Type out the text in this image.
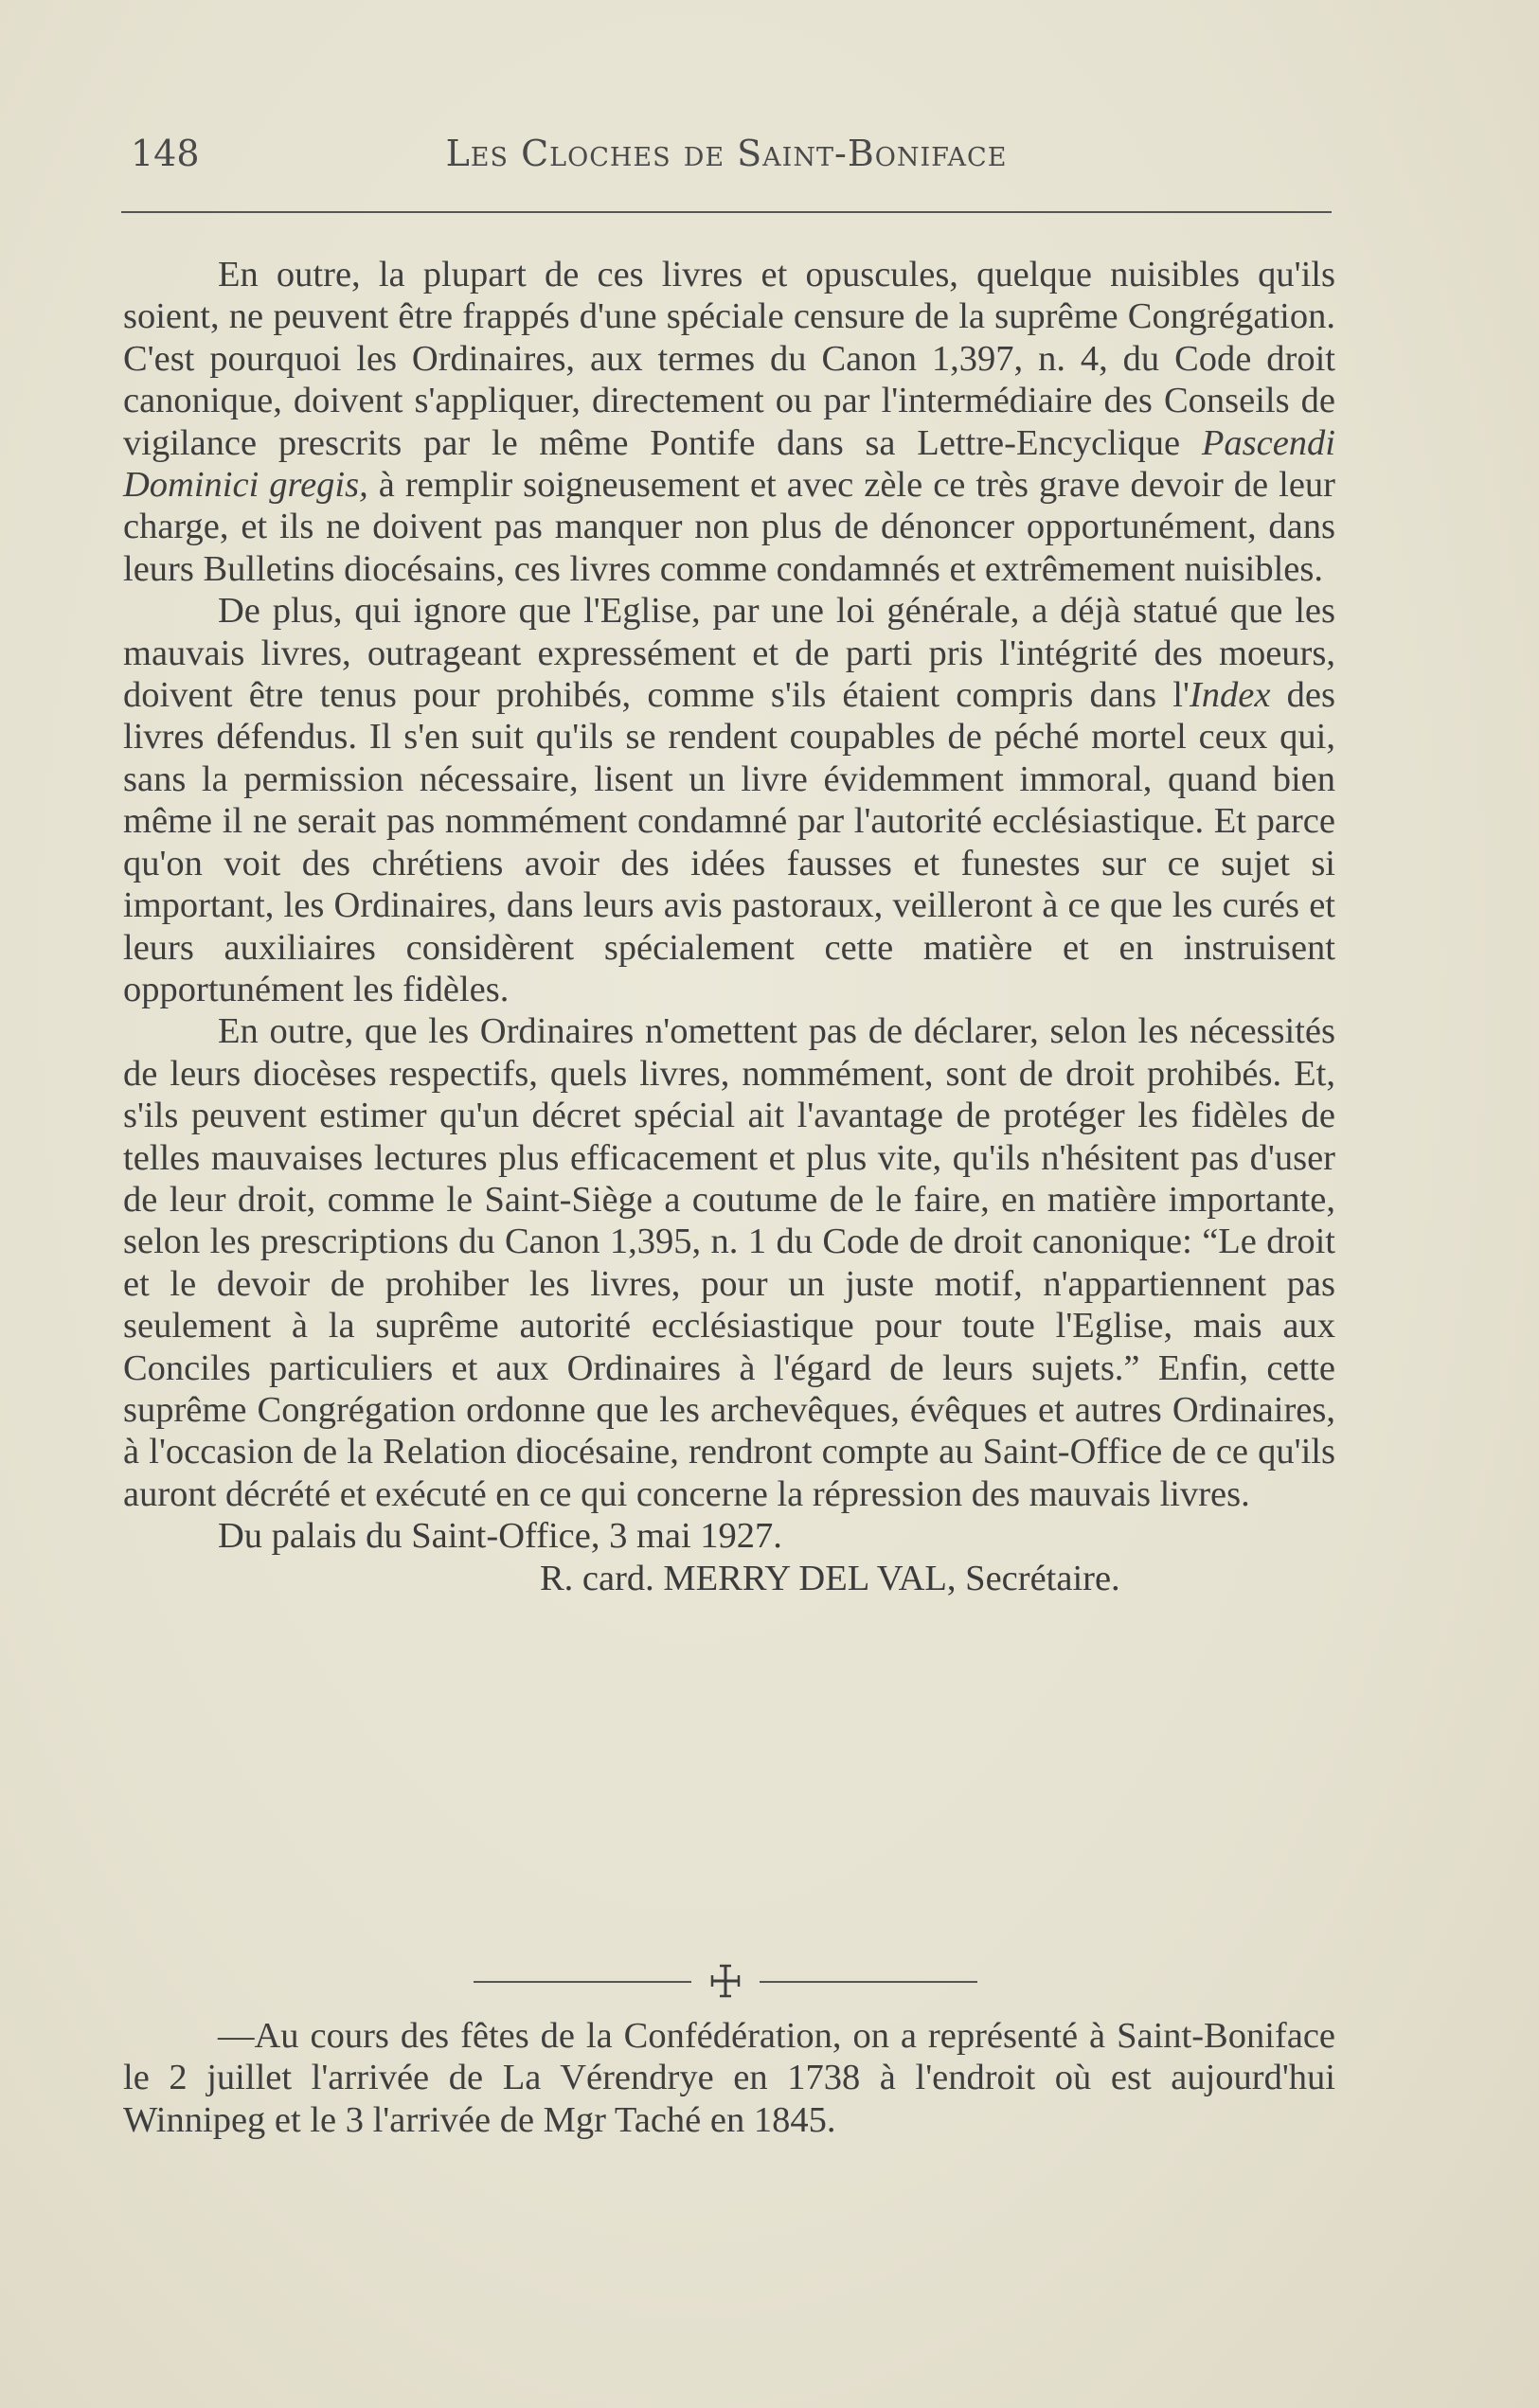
148	Les Cloches de Saint-Boniface

En outre, la plupart de ces livres et opuscules, quelque nuisibles qu'ils soient, ne peuvent être frappés d'une spéciale censure de la suprême Congrégation. C'est pourquoi les Ordinaires, aux termes du Canon 1,397, n. 4, du Code droit canonique, doivent s'appliquer, directement ou par l'intermédiaire des Conseils de vigilance prescrits par le même Pontife dans sa Lettre-Encyclique Pascendi Dominici gregis, à remplir soigneusement et avec zèle ce très grave devoir de leur charge, et ils ne doivent pas manquer non plus de dénoncer opportunément, dans leurs Bulletins diocésains, ces livres comme condamnés et extrêmement nuisibles.

De plus, qui ignore que l'Eglise, par une loi générale, a déjà statué que les mauvais livres, outrageant expressément et de parti pris l'intégrité des moeurs, doivent être tenus pour prohibés, comme s'ils étaient compris dans l'Index des livres défendus. Il s'en suit qu'ils se rendent coupables de péché mortel ceux qui, sans la permission nécessaire, lisent un livre évidemment immoral, quand bien même il ne serait pas nommément condamné par l'autorité ecclésiastique. Et parce qu'on voit des chrétiens avoir des idées fausses et funestes sur ce sujet si important, les Ordinaires, dans leurs avis pastoraux, veilleront à ce que les curés et leurs auxiliaires considèrent spécialement cette matière et en instruisent opportunément les fidèles.

En outre, que les Ordinaires n'omettent pas de déclarer, selon les nécessités de leurs diocèses respectifs, quels livres, nommément, sont de droit prohibés. Et, s'ils peuvent estimer qu'un décret spécial ait l'avantage de protéger les fidèles de telles mauvaises lectures plus efficacement et plus vite, qu'ils n'hésitent pas d'user de leur droit, comme le Saint-Siège a coutume de le faire, en matière importante, selon les prescriptions du Canon 1,395, n. 1 du Code de droit canonique: “Le droit et le devoir de prohiber les livres, pour un juste motif, n'appartiennent pas seulement à la suprême autorité ecclésiastique pour toute l'Eglise, mais aux Conciles particuliers et aux Ordinaires à l'égard de leurs sujets.” Enfin, cette suprême Congrégation ordonne que les archevêques, évêques et autres Ordinaires, à l'occasion de la Relation diocésaine, rendront compte au Saint-Office de ce qu'ils auront décrété et exécuté en ce qui concerne la répression des mauvais livres.

Du palais du Saint-Office, 3 mai 1927.

R. card. MERRY DEL VAL, Secrétaire.

—Au cours des fêtes de la Confédération, on a représenté à Saint-Boniface le 2 juillet l'arrivée de La Vérendrye en 1738 à l'endroit où est aujourd'hui Winnipeg et le 3 l'arrivée de Mgr Taché en 1845.
